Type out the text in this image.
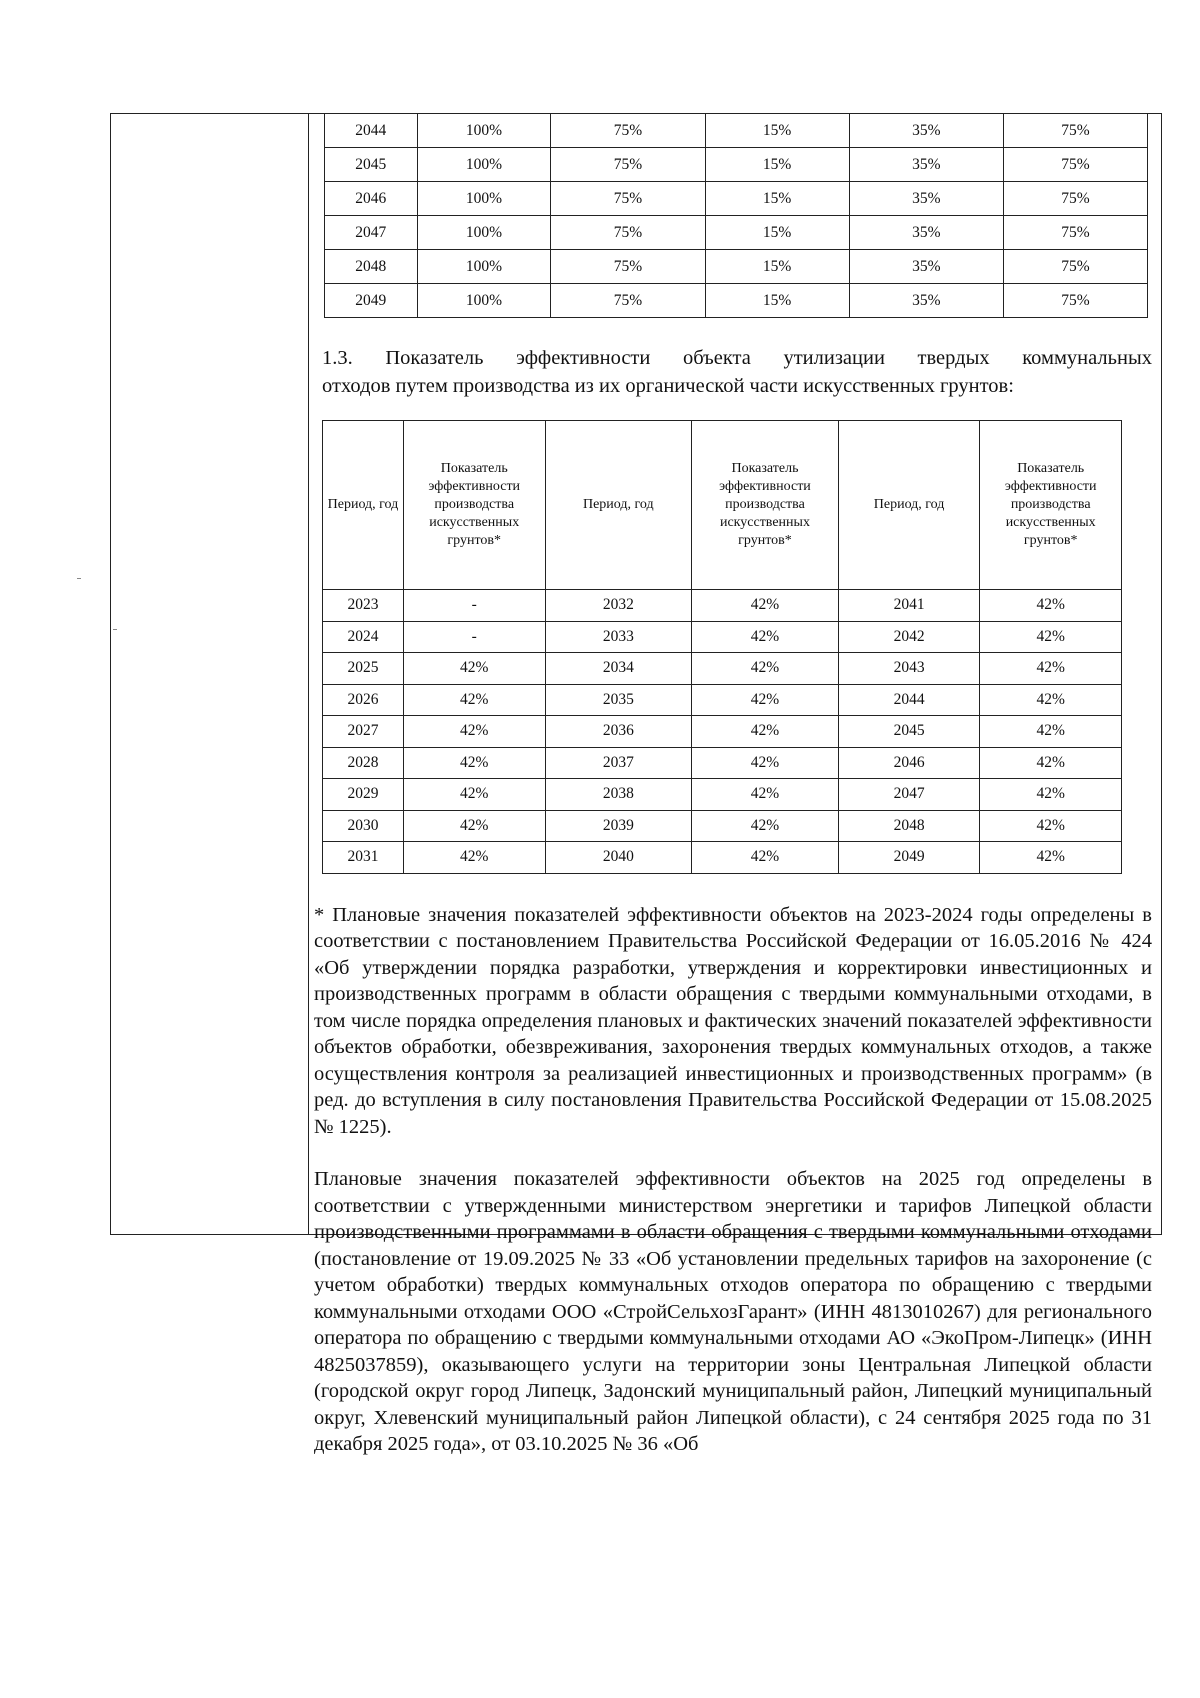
2044	100%	75%	15%	35%	75%
2045	100%	75%	15%	35%	75%
2046	100%	75%	15%	35%	75%
2047	100%	75%	15%	35%	75%
2048	100%	75%	15%	35%	75%
2049	100%	75%	15%	35%	75%
1.3. Показатель эффективности объекта утилизации твердых коммунальных
отходов путем производства из их органической части искусственных грунтов:
Период, год	Показатель эффективности производства искусственных грунтов*	Период, год	Показатель эффективности производства искусственных грунтов*	Период, год	Показатель эффективности производства искусственных грунтов*
2023	-	2032	42%	2041	42%
2024	-	2033	42%	2042	42%
2025	42%	2034	42%	2043	42%
2026	42%	2035	42%	2044	42%
2027	42%	2036	42%	2045	42%
2028	42%	2037	42%	2046	42%
2029	42%	2038	42%	2047	42%
2030	42%	2039	42%	2048	42%
2031	42%	2040	42%	2049	42%

* Плановые значения показателей эффективности объектов на 2023-2024 годы определены в соответствии с постановлением Правительства Российской Федерации от 16.05.2016 № 424 «Об утверждении порядка разработки, утверждения и корректировки инвестиционных и производственных программ в области обращения с твердыми коммунальными отходами, в том числе порядка определения плановых и фактических значений показателей эффективности объектов обработки, обезвреживания, захоронения твердых коммунальных отходов, а также осуществления контроля за реализацией инвестиционных и производственных программ» (в ред. до вступления в силу постановления Правительства Российской Федерации от 15.08.2025 № 1225).

Плановые значения показателей эффективности объектов на 2025 год определены в соответствии с утвержденными министерством энергетики и тарифов Липецкой области производственными программами в области обращения с твердыми коммунальными отходами (постановление от 19.09.2025 № 33 «Об установлении предельных тарифов на захоронение (с учетом обработки) твердых коммунальных отходов оператора по обращению с твердыми коммунальными отходами ООО «СтройСельхозГарант» (ИНН 4813010267) для регионального оператора по обращению с твердыми коммунальными отходами АО «ЭкоПром-Липецк» (ИНН 4825037859), оказывающего услуги на территории зоны Центральная Липецкой области (городской округ город Липецк, Задонский муниципальный район, Липецкий муниципальный округ, Хлевенский муниципальный район Липецкой области), с 24 сентября 2025 года по 31 декабря 2025 года», от 03.10.2025 № 36 «Об
